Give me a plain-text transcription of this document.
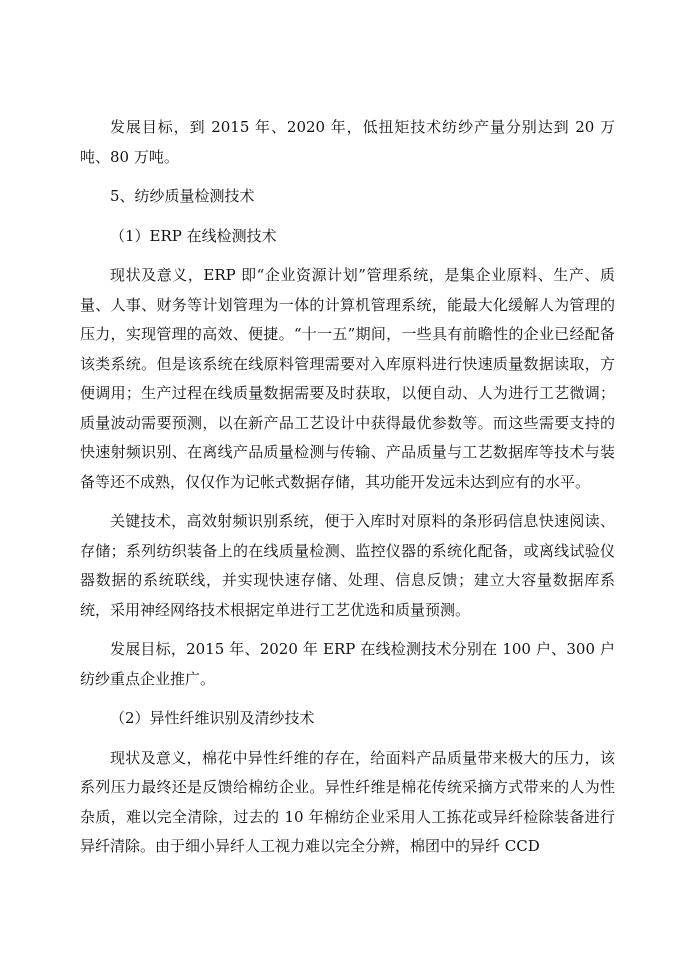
发展目标，到 2015 年、2020 年，低扭矩技术纺纱产量分别达到 20 万吨、80 万吨。

5、纺纱质量检测技术

（1）ERP 在线检测技术

现状及意义，ERP 即“企业资源计划”管理系统，是集企业原料、生产、质量、人事、财务等计划管理为一体的计算机管理系统，能最大化缓解人为管理的压力，实现管理的高效、便捷。“十一五”期间，一些具有前瞻性的企业已经配备该类系统。但是该系统在线原料管理需要对入库原料进行快速质量数据读取，方便调用；生产过程在线质量数据需要及时获取，以便自动、人为进行工艺微调；质量波动需要预测，以在新产品工艺设计中获得最优参数等。而这些需要支持的快速射频识别、在离线产品质量检测与传输、产品质量与工艺数据库等技术与装备等还不成熟，仅仅作为记帐式数据存储，其功能开发远未达到应有的水平。

关键技术，高效射频识别系统，便于入库时对原料的条形码信息快速阅读、存储；系列纺织装备上的在线质量检测、监控仪器的系统化配备，或离线试验仪器数据的系统联线，并实现快速存储、处理、信息反馈；建立大容量数据库系统，采用神经网络技术根据定单进行工艺优选和质量预测。

发展目标，2015 年、2020 年 ERP 在线检测技术分别在 100 户、300 户纺纱重点企业推广。

（2）异性纤维识别及清纱技术

现状及意义，棉花中异性纤维的存在，给面料产品质量带来极大的压力，该系列压力最终还是反馈给棉纺企业。异性纤维是棉花传统采摘方式带来的人为性杂质，难以完全清除，过去的 10 年棉纺企业采用人工拣花或异纤检除装备进行异纤清除。由于细小异纤人工视力难以完全分辨，棉团中的异纤 CCD
